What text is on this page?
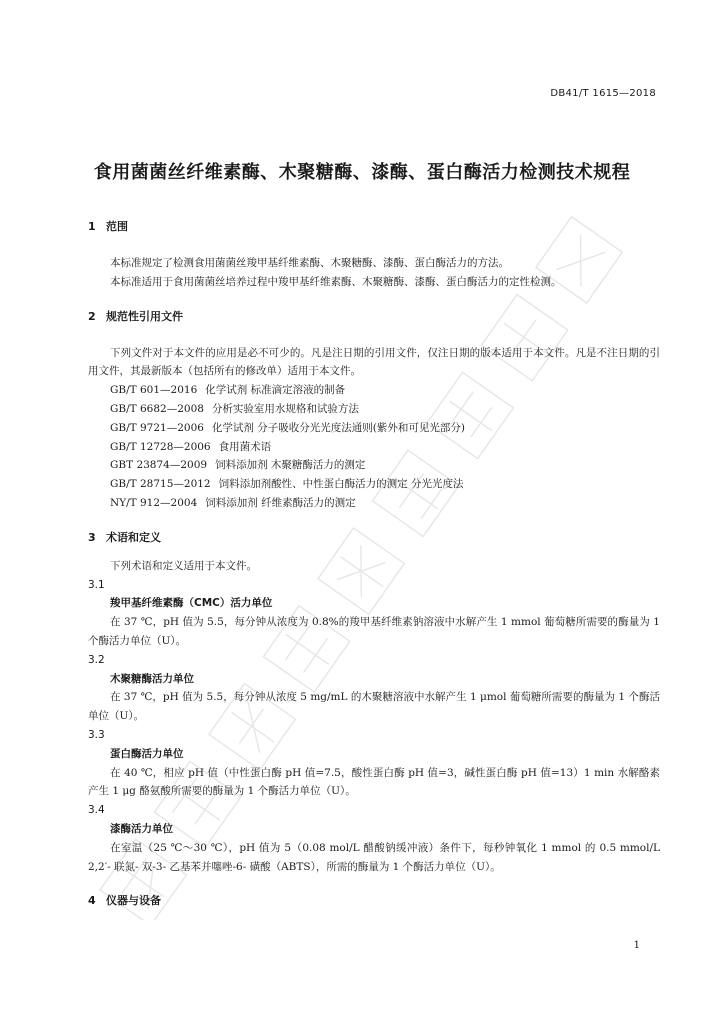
DB41/T 1615—2018
食用菌菌丝纤维素酶、木聚糖酶、漆酶、蛋白酶活力检测技术规程
1 范围

本标准规定了检测食用菌菌丝羧甲基纤维素酶、木聚糖酶、漆酶、蛋白酶活力的方法。

本标准适用于食用菌菌丝培养过程中羧甲基纤维素酶、木聚糖酶、漆酶、蛋白酶活力的定性检测。

2 规范性引用文件

下列文件对于本文件的应用是必不可少的。凡是注日期的引用文件，仅注日期的版本适用于本文件。凡是不注日期的引用文件，其最新版本（包括所有的修改单）适用于本文件。

GB/T 601—2016 化学试剂 标准滴定溶液的制备
GB/T 6682—2008 分析实验室用水规格和试验方法
GB/T 9721—2006 化学试剂 分子吸收分光光度法通则(紫外和可见光部分)
GB/T 12728—2006 食用菌术语
GBT 23874—2009 饲料添加剂 木聚糖酶活力的测定
GB/T 28715—2012 饲料添加剂酸性、中性蛋白酶活力的测定 分光光度法
NY/T 912—2004 饲料添加剂 纤维素酶活力的测定
3 术语和定义

下列术语和定义适用于本文件。

3.1
羧甲基纤维素酶（CMC）活力单位

在 37 ℃，pH 值为 5.5，每分钟从浓度为 0.8%的羧甲基纤维素钠溶液中水解产生 1 mmol 葡萄糖所需要的酶量为 1 个酶活力单位（U）。

3.2
木聚糖酶活力单位

在 37 ℃，pH 值为 5.5，每分钟从浓度 5 mg/mL 的木聚糖溶液中水解产生 1 μmol 葡萄糖所需要的酶量为 1 个酶活单位（U）。

3.3
蛋白酶活力单位

在 40 ℃，相应 pH 值（中性蛋白酶 pH 值=7.5，酸性蛋白酶 pH 值=3，碱性蛋白酶 pH 值=13）1 min 水解酪素产生 1 μg 酪氨酸所需要的酶量为 1 个酶活力单位（U）。

3.4
漆酶活力单位

在室温（25 ℃～30 ℃），pH 值为 5（0.08 mol/L 醋酸钠缓冲液）条件下，每秒钟氧化 1 mmol 的 0.5 mmol/L 2,2′- 联氮- 双-3- 乙基苯并噻唑-6- 磺酸（ABTS），所需的酶量为 1 个酶活力单位（U）。

4 仪器与设备
1
